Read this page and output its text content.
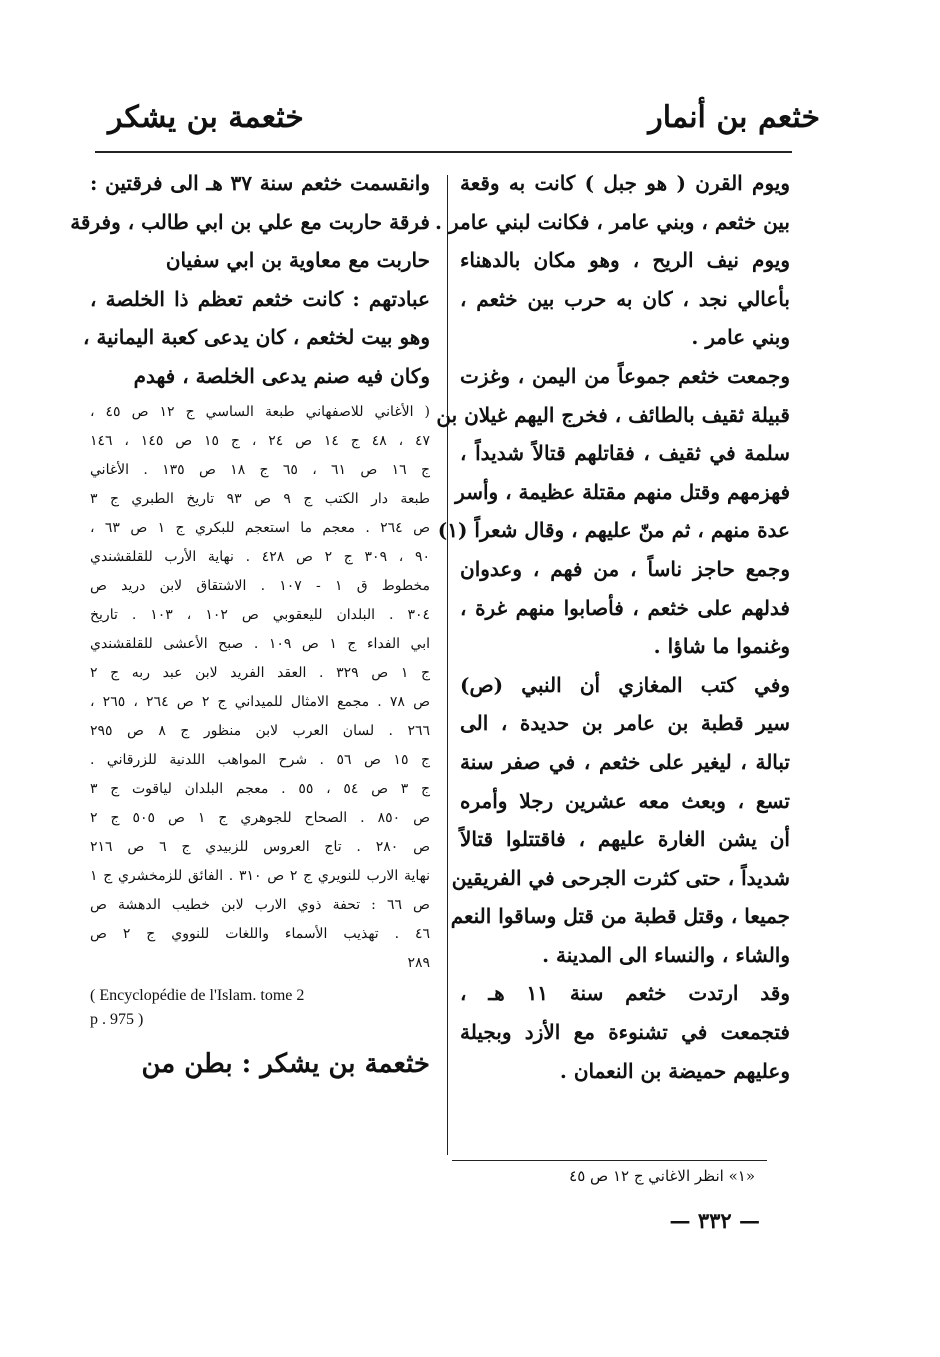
خثعم بن أنمار
خثعمة بن يشكر
ويوم القرن ( هو جبل ) كانت به وقعة
بين خثعم ، وبني عامر ، فكانت لبني عامر .
ويوم نيف الريح ، وهو مكان بالدهناء
بأعالي نجد ، كان به حرب بين خثعم ،
وبني عامر .
وجمعت خثعم جموعاً من اليمن ، وغزت
قبيلة ثقيف بالطائف ، فخرج اليهم غيلان بن
سلمة في ثقيف ، فقاتلهم قتالاً شديداً ،
فهزمهم وقتل منهم مقتلة عظيمة ، وأسر
عدة منهم ، ثم منّ عليهم ، وقال شعراً (١)
وجمع حاجز ناساً ، من فهم ، وعدوان
فدلهم على خثعم ، فأصابوا منهم غرة ،
وغنموا ما شاؤا .
وفي كتب المغازي أن النبي (ص)
سير قطبة بن عامر بن حديدة ، الى
تبالة ، ليغير على خثعم ، في صفر سنة
تسع ، وبعث معه عشرين رجلا وأمره
أن يشن الغارة عليهم ، فاقتتلوا قتالاً
شديداً ، حتى كثرت الجرحى في الفريقين
جميعا ، وقتل قطبة من قتل وساقوا النعم
والشاء ، والنساء الى المدينة .
وقد ارتدت خثعم سنة ١١ هـ ،
فتجمعت في تشنوءة مع الأزد وبجيلة
وعليهم حميضة بن النعمان .
وانقسمت خثعم سنة ٣٧ هـ الى فرقتين :
فرقة حاربت مع علي بن ابي طالب ، وفرقة
حاربت مع معاوية بن ابي سفيان
عبادتهم : كانت خثعم تعظم ذا الخلصة ،
وهو بيت لخثعم ، كان يدعى كعبة اليمانية ،
وكان فيه صنم يدعى الخلصة ، فهدم
( الأغاني للاصفهاني طبعة الساسي ج ١٢ ص ٤٥ ،
٤٧ ، ٤٨ ج ١٤ ص ٢٤ ، ج ١٥ ص ١٤٥ ، ١٤٦
ج ١٦ ص ٦١ ، ٦٥ ج ١٨ ص ١٣٥ . الأغاني
طبعة دار الكتب ج ٩ ص ٩٣ تاريخ الطبري ج ٣
ص ٢٦٤ . معجم ما استعجم للبكري ج ١ ص ٦٣ ،
٩٠ ، ٣٠٩ ج ٢ ص ٤٢٨ . نهاية الأرب للقلقشندي
مخطوط ق ١ - ١٠٧ . الاشتقاق لابن دريد ص
٣٠٤ . البلدان لليعقوبي ص ١٠٢ ، ١٠٣ . تاريخ
ابي الفداء ج ١ ص ١٠٩ . صبح الأعشى للقلقشندي
ج ١ ص ٣٢٩ . العقد الفريد لابن عبد ربه ج ٢
ص ٧٨ . مجمع الامثال للميداني ج ٢ ص ٢٦٤ ، ٢٦٥ ،
٢٦٦ . لسان العرب لابن منظور ج ٨ ص ٢٩٥
ج ١٥ ص ٥٦ . شرح المواهب اللدنية للزرقاني .
ج ٣ ص ٥٤ ، ٥٥ . معجم البلدان لياقوت ج ٣
ص ٨٥٠ . الصحاح للجوهري ج ١ ص ٥٠٥ ج ٢
ص ٢٨٠ . تاج العروس للزبيدي ج ٦ ص ٢١٦
نهاية الارب للنويري ج ٢ ص ٣١٠ . الفائق للزمخشري ج ١
ص ٦٦ : تحفة ذوي الارب لابن خطيب الدهشة ص
٤٦ . تهذيب الأسماء واللغات للنووي ج ٢ ص
٢٨٩
( Encyclopédie de l'Islam. tome 2
p . 975 )
خثعمة بن يشكر : بطن من
«١» انظر الاغاني ج ١٢ ص ٤٥
— ٣٣٢ —
